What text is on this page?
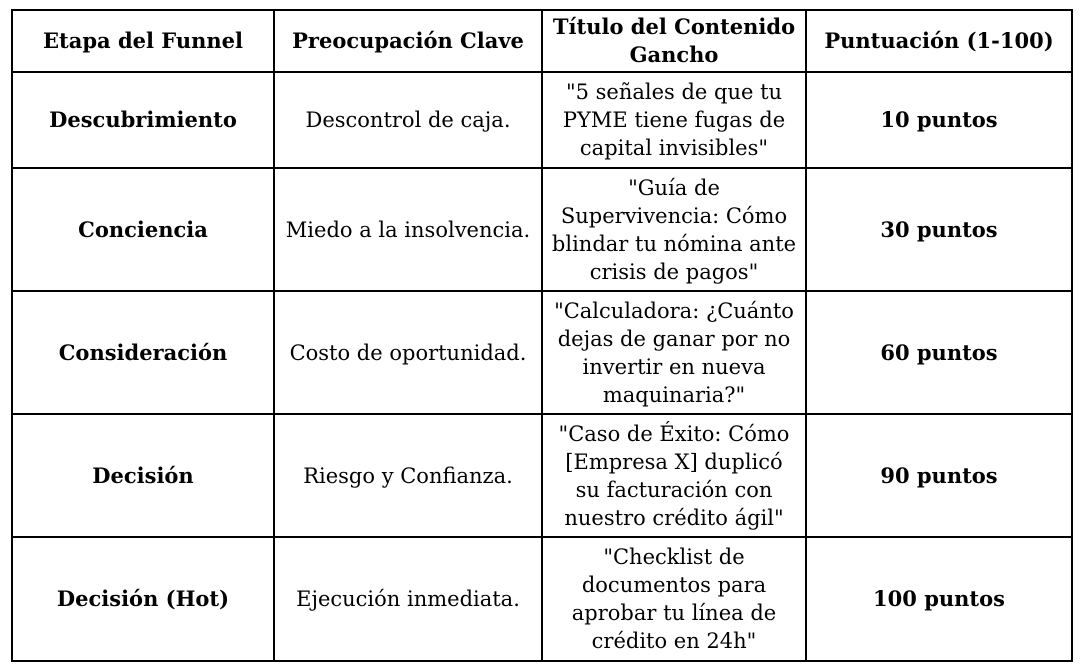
Etapa del Funnel	Preocupación Clave	Título del Contenido Gancho	Puntuación (1-100)
Descubrimiento	Descontrol de caja.	"5 señales de que tu PYME tiene fugas de capital invisibles"	10 puntos
Conciencia	Miedo a la insolvencia.	"Guía de Supervivencia: Cómo blindar tu nómina ante crisis de pagos"	30 puntos
Consideración	Costo de oportunidad.	"Calculadora: ¿Cuánto dejas de ganar por no invertir en nueva maquinaria?"	60 puntos
Decisión	Riesgo y Confianza.	"Caso de Éxito: Cómo [Empresa X] duplicó su facturación con nuestro crédito ágil"	90 puntos
Decisión (Hot)	Ejecución inmediata.	"Checklist de documentos para aprobar tu línea de crédito en 24h"	100 puntos
